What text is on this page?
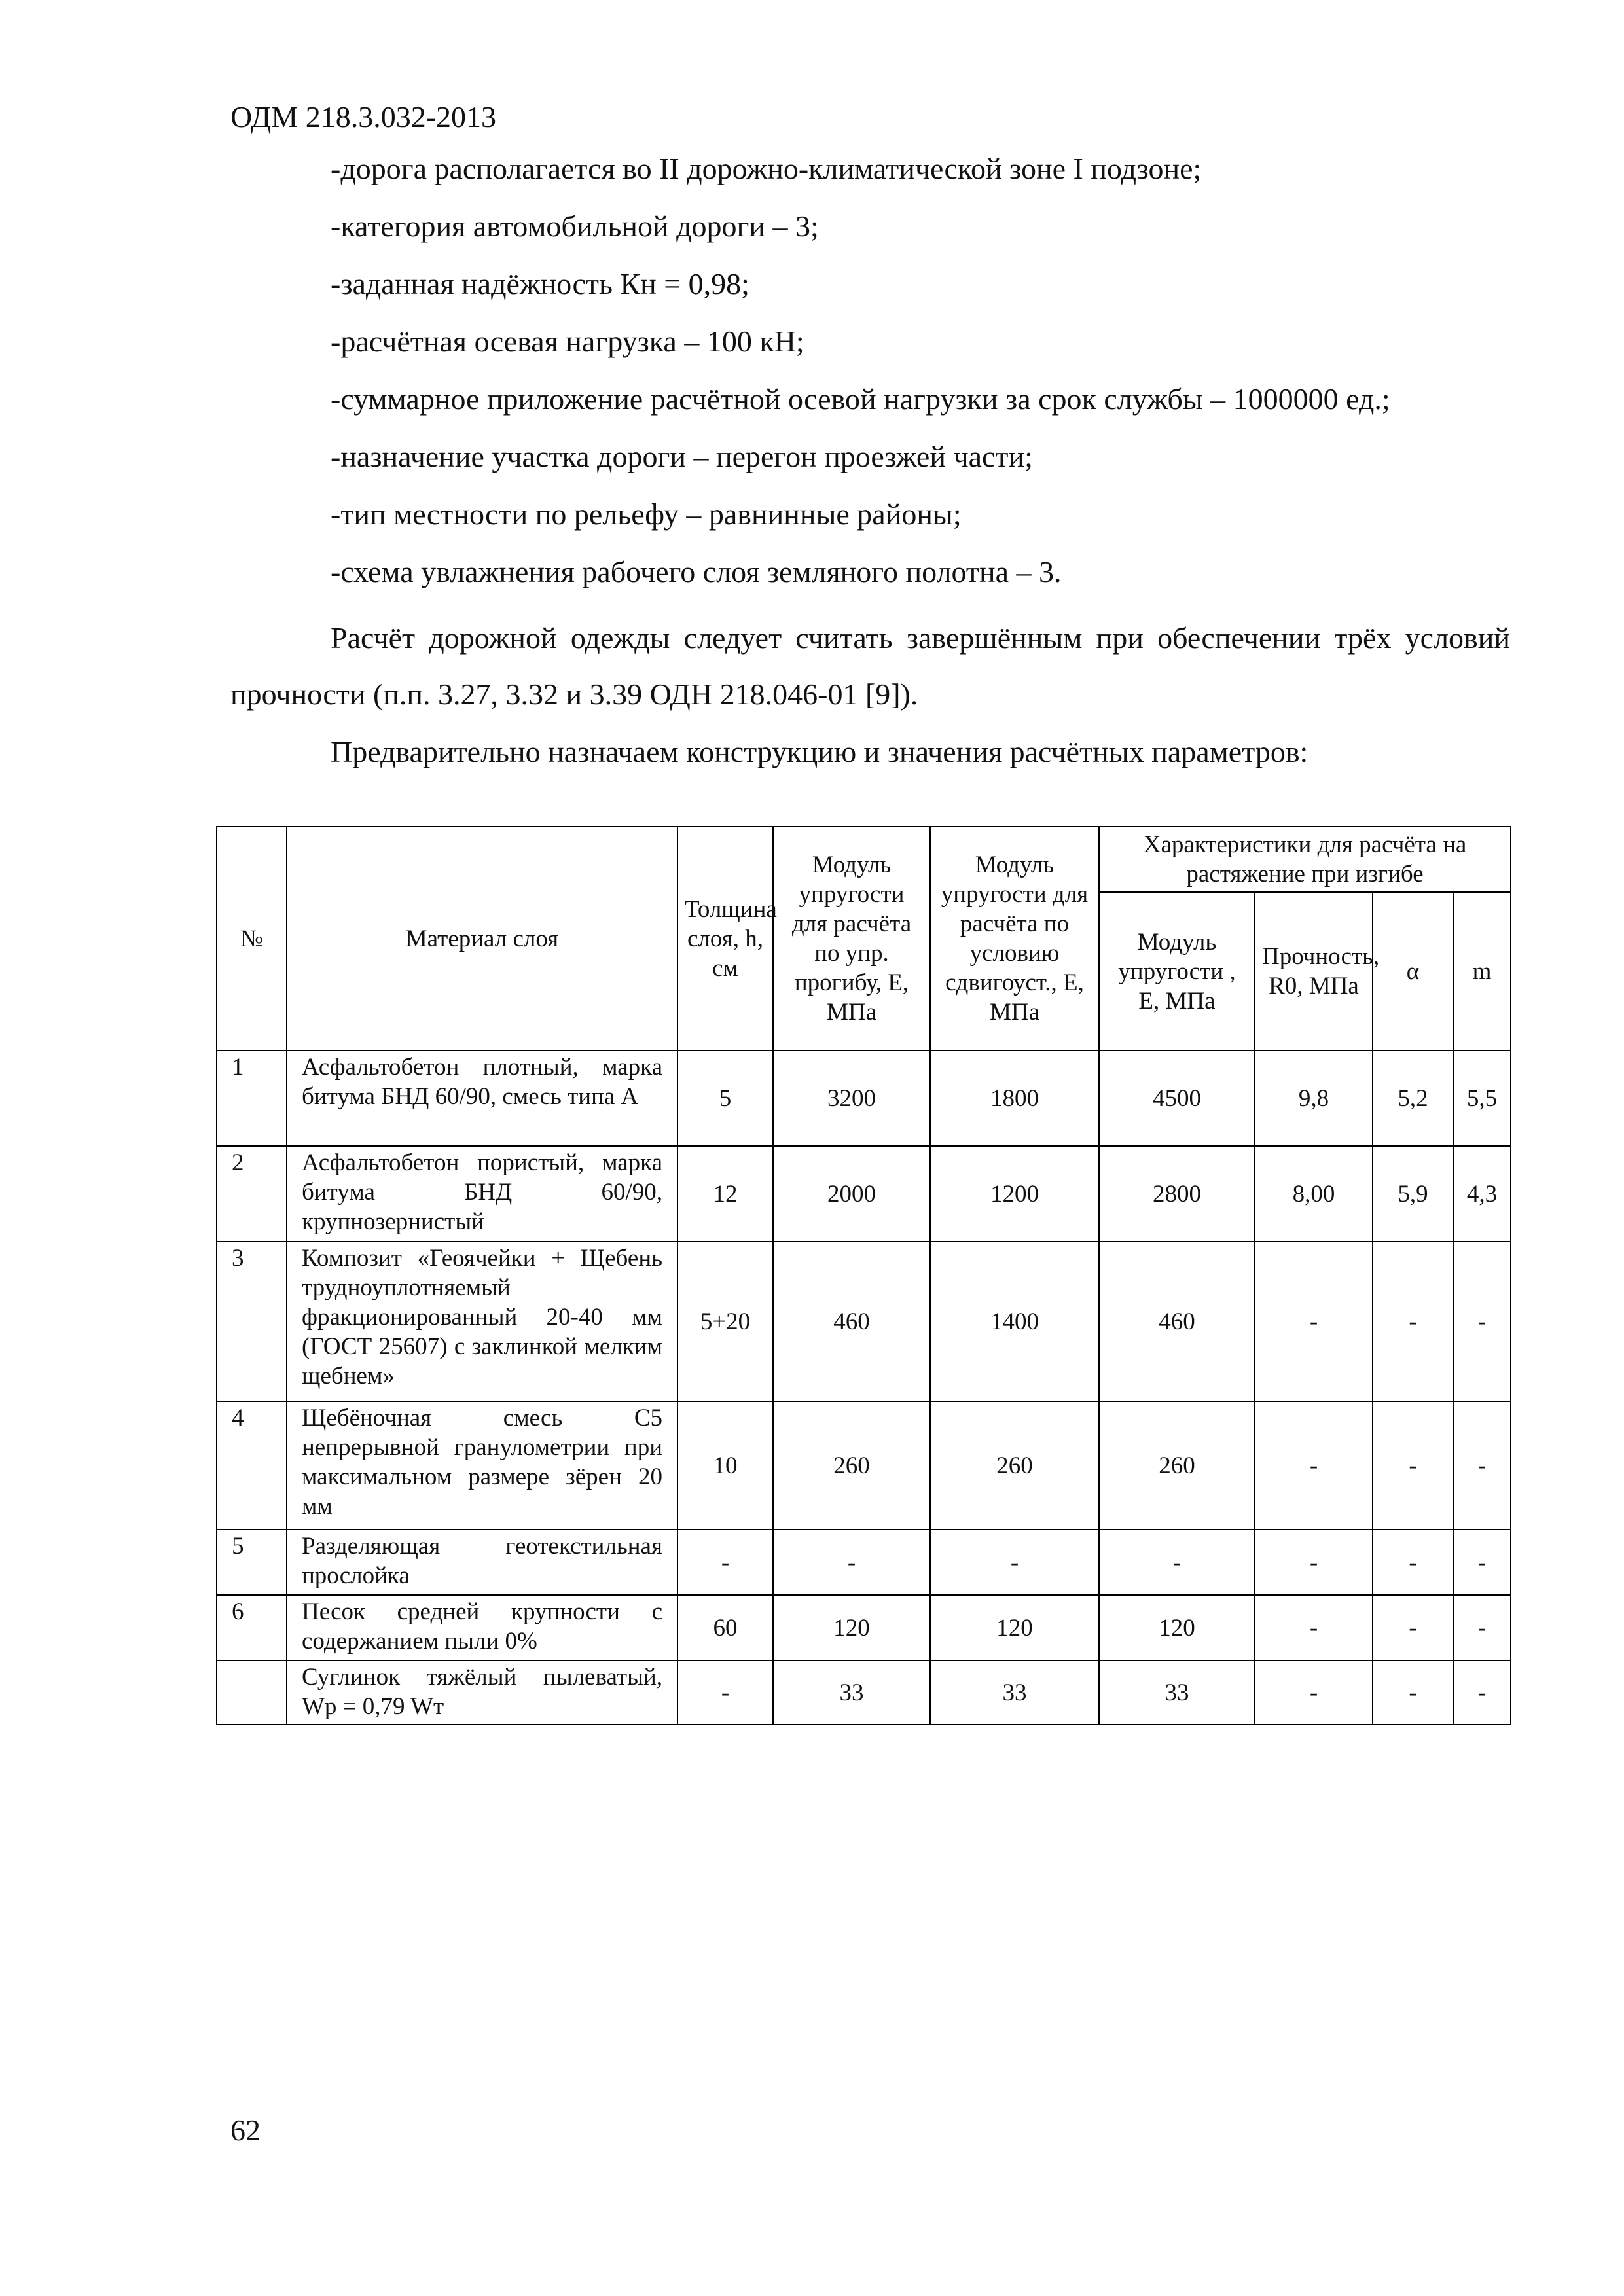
ОДМ 218.3.032-2013
-дорога располагается во II дорожно-климатической зоне I подзоне;
-категория автомобильной дороги – 3;
-заданная надёжность Кн = 0,98;
-расчётная осевая нагрузка – 100 кН;
-суммарное приложение расчётной осевой нагрузки за срок службы – 1000000 ед.;
-назначение участка дороги – перегон проезжей части;
-тип местности по рельефу – равнинные районы;
-схема увлажнения рабочего слоя земляного полотна – 3.
Расчёт дорожной одежды следует считать завершённым при обеспечении трёх условий прочности (п.п. 3.27, 3.32 и 3.39 ОДН 218.046-01 [9]).
Предварительно назначаем конструкцию и значения расчётных параметров:
№	Материал слоя	Толщина слоя, h, см	Модуль упругости для расчёта по упр. прогибу, Е, МПа	Модуль упругости для расчёта по условию сдвигоуст., Е, МПа	Характеристики для расчёта на растяжение при изгибе			
					Модуль упругости , Е, МПа	Прочность, R0, МПа	α	m
1	Асфальтобетон плотный, марка битума БНД 60/90, смесь типа А	5	3200	1800	4500	9,8	5,2	5,5
2	Асфальтобетон пористый, марка битума БНД 60/90, крупнозернистый	12	2000	1200	2800	8,00	5,9	4,3
3	Композит «Геоячейки + Щебень трудноуплотняемый фракционированный 20-40 мм (ГОСТ 25607) с заклинкой мелким щебнем»	5+20	460	1400	460	-	-	-
4	Щебёночная смесь С5 непрерывной гранулометрии при максимальном размере зёрен 20 мм	10	260	260	260	-	-	-
5	Разделяющая геотекстильная прослойка	-	-	-	-	-	-	-
6	Песок средней крупности с содержанием пыли 0%	60	120	120	120	-	-	-
	Суглинок тяжёлый пылеватый, Wp = 0,79 Wт	-	33	33	33	-	-	-
62
